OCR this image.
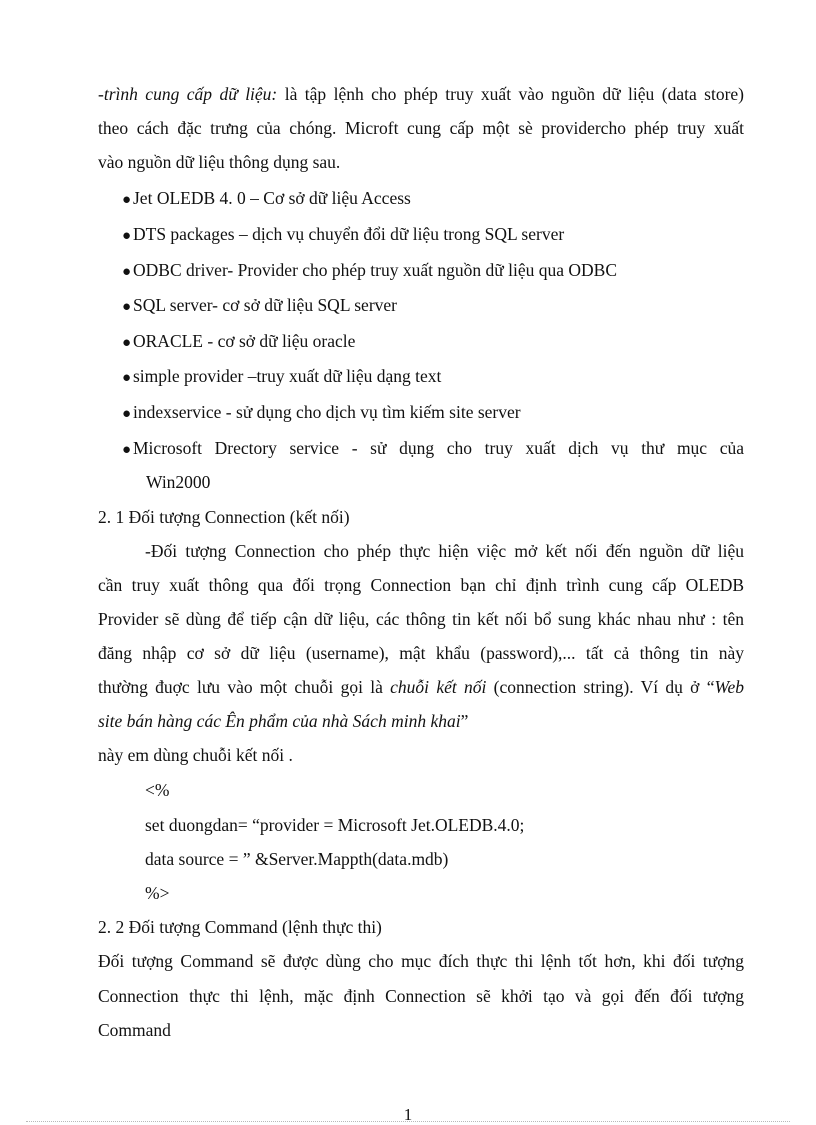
-trình cung cấp dữ liệu: là tập lệnh cho phép truy xuất vào nguồn dữ liệu (data store)
theo cách đặc trưng của chóng. Microft cung cấp một sè providercho phép truy xuất
vào nguồn dữ liệu thông dụng sau.
● Jet OLEDB 4. 0 – Cơ sở dữ liệu Access
● DTS packages – dịch vụ chuyển đổi dữ liệu trong SQL server
● ODBC driver- Provider cho phép truy xuất nguồn dữ liệu qua ODBC
● SQL server- cơ sở dữ liệu SQL server
● ORACLE - cơ sở dữ liệu oracle
● simple provider –truy xuất dữ liệu dạng text
● indexservice - sử dụng cho dịch vụ tìm kiếm site server
● Microsoft Drectory service - sử dụng cho truy xuất dịch vụ thư mục của
Win2000
2. 1 Đối tượng Connection (kết nối)
-Đối tượng Connection cho phép thực hiện việc mở kết nối đến nguồn dữ liệu
cần truy xuất thông qua đối trọng Connection bạn chỉ định trình cung cấp OLEDB
Provider sẽ dùng để tiếp cận dữ liệu, các thông tin kết nối bổ sung khác nhau như : tên
đăng nhập cơ sở dữ liệu (username), mật khẩu (password),... tất cả thông tin này
thường đuợc lưu vào một chuỗi gọi là chuỗi kết nối (connection string). Ví dụ ở “Web
site bán hàng các Ên phẩm của nhà Sách minh khai”
này em dùng chuỗi kết nối .
<%
set duongdan= “provider = Microsoft Jet.OLEDB.4.0;
data source = ” &Server.Mappth(data.mdb)
%>
2. 2 Đối tượng Command (lệnh thực thi)
Đối tượng Command sẽ được dùng cho mục đích thực thi lệnh tốt hơn, khi đối tượng
Connection thực thi lệnh, mặc định Connection sẽ khởi tạo và gọi đến đối tượng
Command
1
